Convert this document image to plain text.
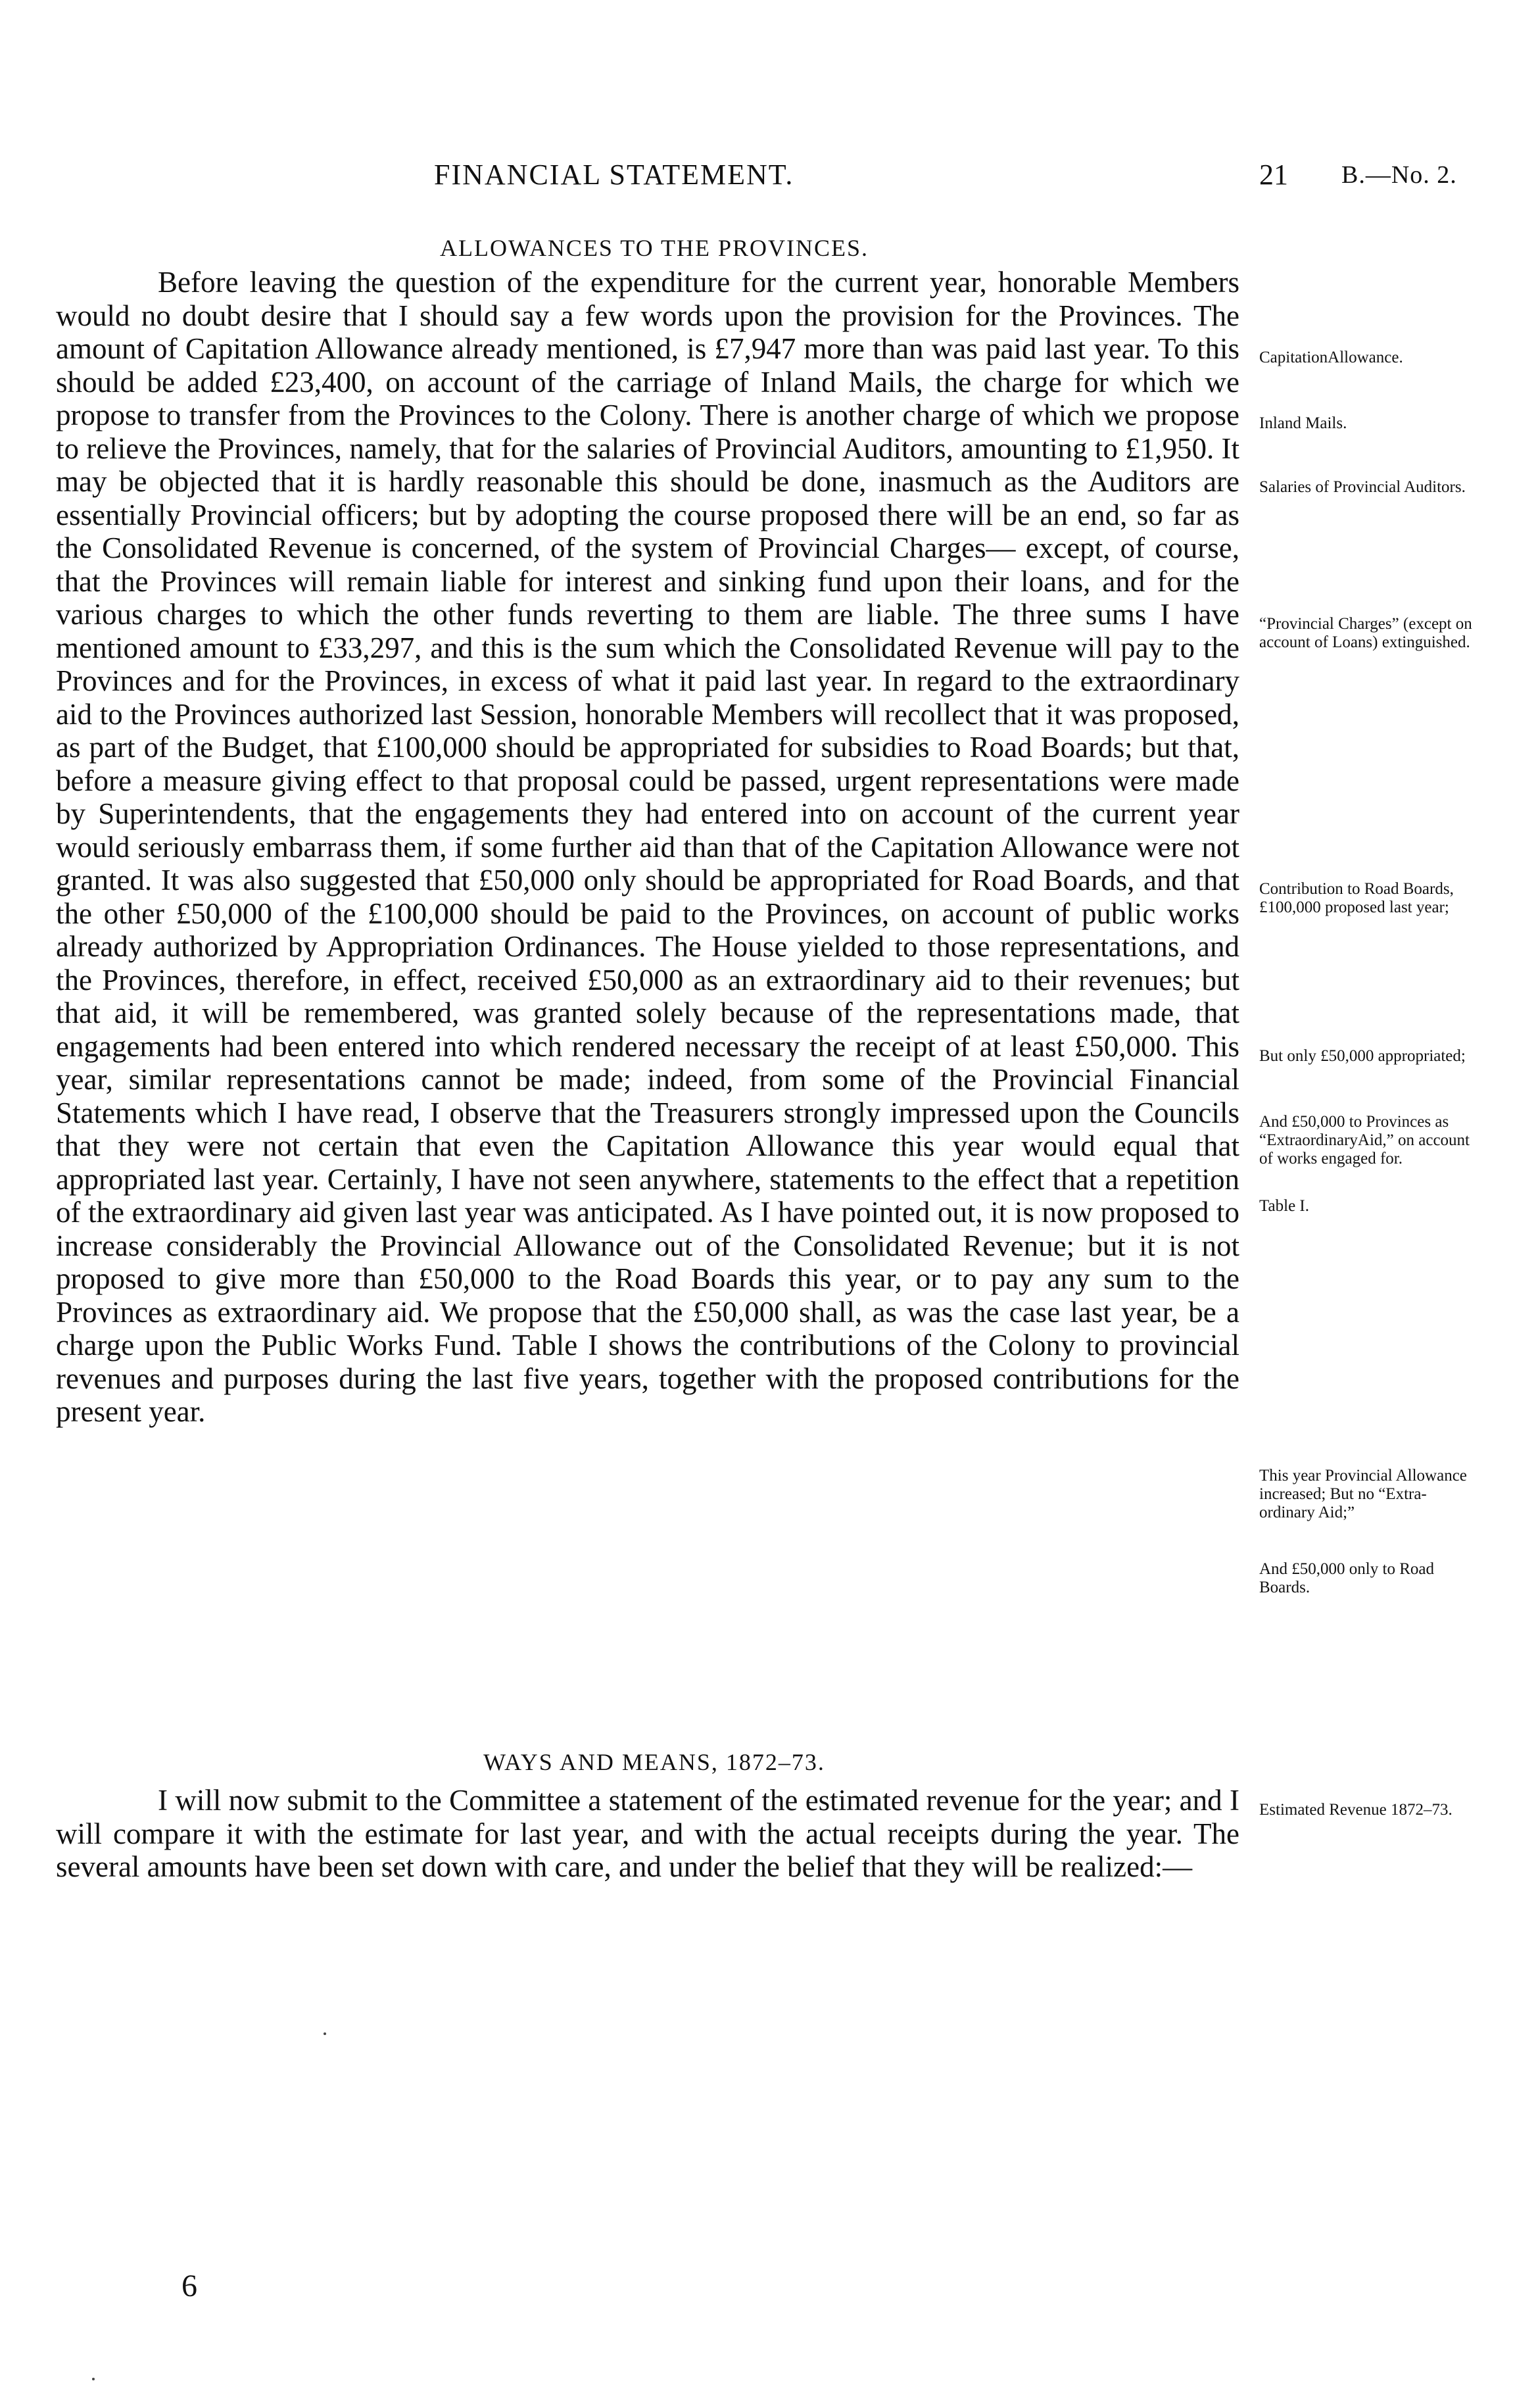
FINANCIAL STATEMENT.	21 B.—No. 2.
ALLOWANCES TO THE PROVINCES.

Before leaving the question of the expenditure for the current year, honorable Members would no doubt desire that I should say a few words upon the provision for the Provinces. The amount of Capitation Allowance already mentioned, is £7,947 more than was paid last year. To this should be added £23,400, on account of the carriage of Inland Mails, the charge for which we propose to transfer from the Provinces to the Colony. There is another charge of which we propose to relieve the Provinces, namely, that for the salaries of Provincial Auditors, amounting to £1,950. It may be objected that it is hardly reasonable this should be done, inasmuch as the Auditors are essentially Provincial officers; but by adopting the course proposed there will be an end, so far as the Consolidated Revenue is concerned, of the system of Provincial Charges— except, of course, that the Provinces will remain liable for interest and sinking fund upon their loans, and for the various charges to which the other funds reverting to them are liable. The three sums I have mentioned amount to £33,297, and this is the sum which the Consolidated Revenue will pay to the Provinces and for the Provinces, in excess of what it paid last year. In regard to the extraordinary aid to the Provinces authorized last Session, honorable Members will recollect that it was proposed, as part of the Budget, that £100,000 should be appropriated for subsidies to Road Boards; but that, before a measure giving effect to that proposal could be passed, urgent representations were made by Superintendents, that the engagements they had entered into on account of the current year would seriously embarrass them, if some further aid than that of the Capitation Allowance were not granted. It was also suggested that £50,000 only should be appropriated for Road Boards, and that the other £50,000 of the £100,000 should be paid to the Provinces, on account of public works already authorized by Appropriation Ordinances. The House yielded to those representations, and the Provinces, therefore, in effect, received £50,000 as an extraordinary aid to their revenues; but that aid, it will be remembered, was granted solely because of the representations made, that engagements had been entered into which rendered necessary the receipt of at least £50,000. This year, similar representations cannot be made; indeed, from some of the Provincial Financial Statements which I have read, I observe that the Treasurers strongly impressed upon the Councils that they were not certain that even the Capitation Allowance this year would equal that appropriated last year. Certainly, I have not seen anywhere, statements to the effect that a repetition of the extraordinary aid given last year was anticipated. As I have pointed out, it is now proposed to increase considerably the Provincial Allowance out of the Consolidated Revenue; but it is not proposed to give more than £50,000 to the Road Boards this year, or to pay any sum to the Provinces as extraordinary aid. We propose that the £50,000 shall, as was the case last year, be a charge upon the Public Works Fund. Table I shows the contributions of the Colony to provincial revenues and purposes during the last five years, together with the proposed contributions for the present year.

CapitationAllowance.
Inland Mails.
Salaries of Provincial Auditors.
“Provincial Charges” (except on account of Loans) extinguished.
Contribution to Road Boards, £100,000 proposed last year;
But only £50,000 appropriated;
And £50,000 to Provinces as “ExtraordinaryAid,” on account of works engaged for.
Table I.
This year Provincial Allowance increased; But no “Extra-ordinary Aid;”
And £50,000 only to Road Boards.
WAYS AND MEANS, 1872–73.

I will now submit to the Committee a statement of the estimated revenue for the year; and I will compare it with the estimate for last year, and with the actual receipts during the year. The several amounts have been set down with care, and under the belief that they will be realized:—

Estimated Revenue 1872–73.
6
